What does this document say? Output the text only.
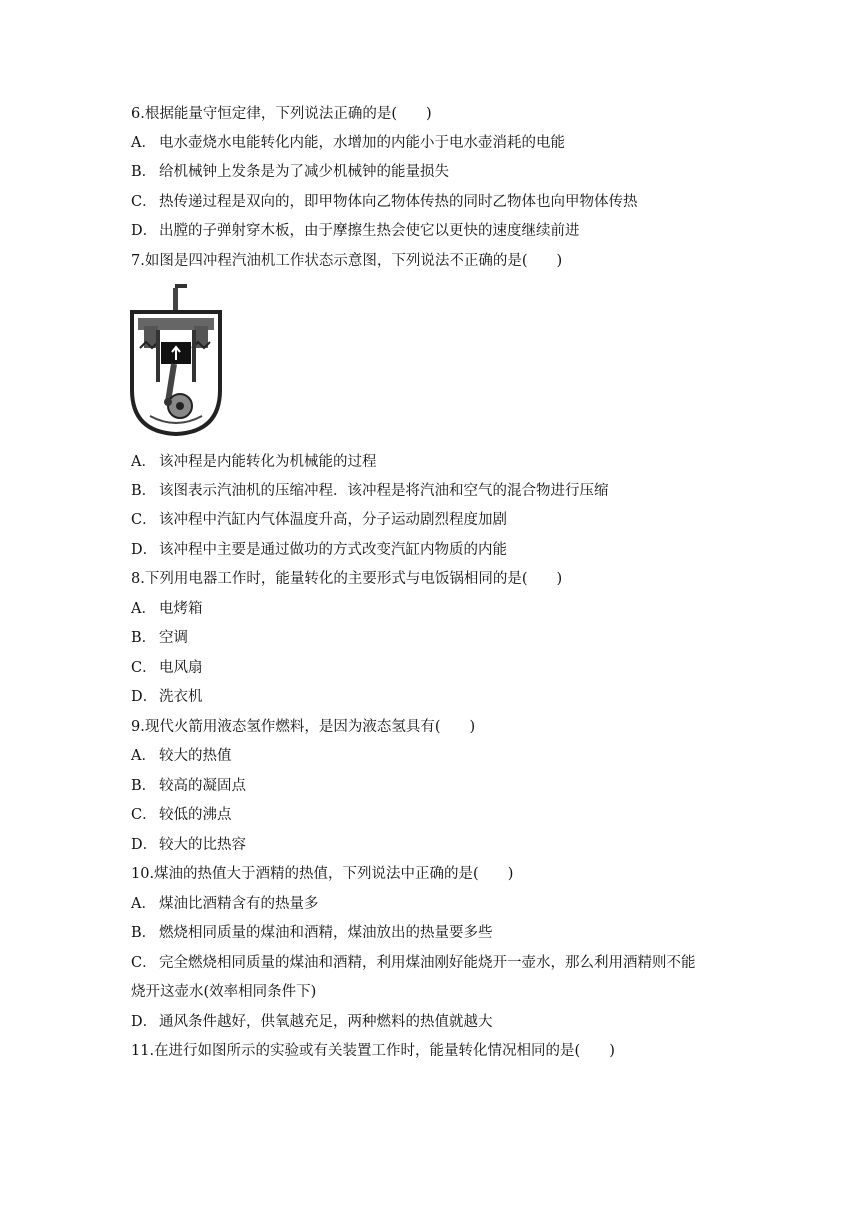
6.根据能量守恒定律，下列说法正确的是(　　)
A． 电水壶烧水电能转化内能，水增加的内能小于电水壶消耗的电能
B． 给机械钟上发条是为了减少机械钟的能量损失
C． 热传递过程是双向的，即甲物体向乙物体传热的同时乙物体也向甲物体传热
D． 出膛的子弹射穿木板，由于摩擦生热会使它以更快的速度继续前进
7.如图是四冲程汽油机工作状态示意图，下列说法不正确的是(　　)
A． 该冲程是内能转化为机械能的过程
B． 该图表示汽油机的压缩冲程．该冲程是将汽油和空气的混合物进行压缩
C． 该冲程中汽缸内气体温度升高，分子运动剧烈程度加剧
D． 该冲程中主要是通过做功的方式改变汽缸内物质的内能
8.下列用电器工作时，能量转化的主要形式与电饭锅相同的是(　　)
A． 电烤箱
B． 空调
C． 电风扇
D． 洗衣机
9.现代火箭用液态氢作燃料，是因为液态氢具有(　　)
A． 较大的热值
B． 较高的凝固点
C． 较低的沸点
D． 较大的比热容
10.煤油的热值大于酒精的热值，下列说法中正确的是(　　)
A． 煤油比酒精含有的热量多
B． 燃烧相同质量的煤油和酒精，煤油放出的热量要多些
C． 完全燃烧相同质量的煤油和酒精，利用煤油刚好能烧开一壶水，那么利用酒精则不能
烧开这壶水(效率相同条件下)
D． 通风条件越好，供氧越充足，两种燃料的热值就越大
11.在进行如图所示的实验或有关装置工作时，能量转化情况相同的是(　　)
